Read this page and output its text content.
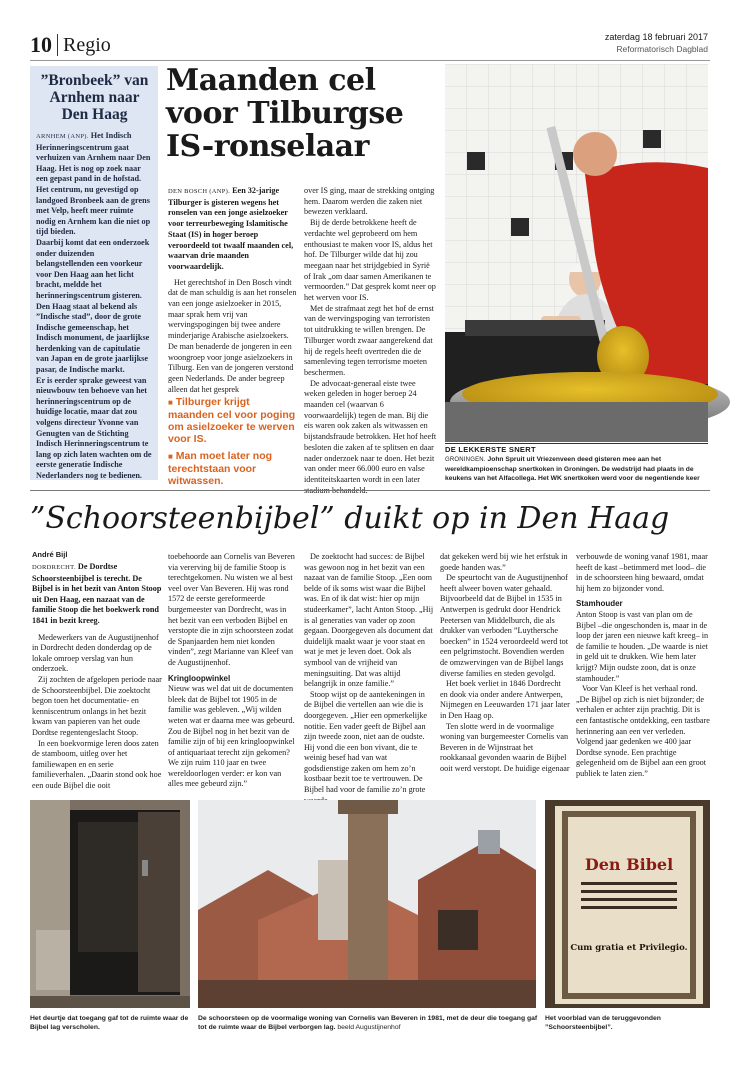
10 Regio	zaterdag 18 februari 2017
Reformatorisch Dagblad
”Bronbeek” van Arnhem naar Den Haag

ARNHEM (ANP). Het Indisch Herinneringscentrum gaat verhuizen van Arnhem naar Den Haag. Het is nog op zoek naar een gepast pand in de hofstad. Het centrum, nu gevestigd op landgoed Bronbeek aan de grens met Velp, heeft meer ruimte nodig en Arnhem kan die niet op tijd bieden.

Daarbij komt dat een onderzoek onder duizenden belangstellenden een voorkeur voor Den Haag aan het licht bracht, meldde het herinneringscentrum gisteren. Den Haag staat al bekend als ”Indische stad”, door de grote Indische gemeenschap, het Indisch monument, de jaarlijkse herdenking van de capitulatie van Japan en de grote jaarlijkse pasar, de Indische markt.

Er is eerder sprake geweest van nieuwbouw ten behoeve van het herinneringscentrum op de huidige locatie, maar dat zou volgens directeur Yvonne van Genugten van de Stichting Indisch Herinneringscentrum te lang op zich laten wachten om de eerste generatie Indische Nederlanders nog te bedienen.

Maanden cel voor Tilburgse IS-ronselaar

DEN BOSCH (ANP). Een 32-jarige Tilburger is gisteren wegens het ronselen van een jonge asielzoeker voor terreurbeweging Islamitische Staat (IS) in hoger beroep veroordeeld tot twaalf maanden cel, waarvan drie maanden voorwaardelijk.

Het gerechtshof in Den Bosch vindt dat de man schuldig is aan het ronselen van een jonge asielzoeker in 2015, maar sprak hem vrij van wervingspogingen bij twee andere minderjarige Arabische asielzoekers. De man benaderde de jongeren in een woongroep voor jonge asielzoekers in Tilburg. Een van de jongeren verstond geen Nederlands. De ander begreep alleen dat het gesprek

over IS ging, maar de strekking ontging hem. Daarom werden die zaken niet bewezen verklaard.

Bij de derde betrokkene heeft de verdachte wel geprobeerd om hem enthousiast te maken voor IS, aldus het hof. De Tilburger wilde dat hij zou meegaan naar het strijdgebied in Syrië of Irak „om daar samen Amerikanen te vermoorden.” Dat gesprek komt neer op het werven voor IS.

Met de strafmaat zegt het hof de ernst van de wervingspoging van terroristen tot uitdrukking te willen brengen. De Tilburger wordt zwaar aangerekend dat hij de regels heeft overtreden die de samenleving tegen terrorisme moeten beschermen.

De advocaat-generaal eiste twee weken geleden in hoger beroep 24 maanden cel (waarvan 6 voorwaardelijk) tegen de man. Bij die eis waren ook zaken als witwassen en bijstandsfraude betrokken. Het hof heeft besloten die zaken af te splitsen en daar nader onderzoek naar te doen. Het bezit van onder meer 66.000 euro en valse identiteitskaarten wordt in een later

■ Tilburger krijgt maanden cel voor poging om asielzoeker te werven voor IS.
■ Man moet later nog terechtstaan voor witwassen.
DE LEKKERSTE SNERT
GRONINGEN. John Spruit uit Vriezenveen deed gisteren mee aan het wereldkampioenschap snertkoken in Groningen. De wedstrijd had plaats in de keukens van het Alfacollega. Het WK snertkoken werd voor de negentiende keer
”Schoorsteenbijbel” duikt op in Den Haag
André Bijl

DORDRECHT. De Dordtse Schoorsteenbijbel is terecht. De Bijbel is in het bezit van Anton Stoop uit Den Haag, een nazaat van de familie Stoop die het boekwerk rond 1841 in bezit kreeg.

Medewerkers van de Augustijnenhof in Dordrecht deden donderdag op de lokale omroep verslag van hun onderzoek.

Zij zochten de afgelopen periode naar de Schoorsteenbijbel. Die zoektocht begon toen het documentatie- en kenniscentrum onlangs in het bezit kwam van papieren van het oude Dordtse regentengeslacht Stoop.

In een boekvormige leren doos zaten de stamboom, uitleg over het familiewapen en en serie familieverhalen. „Daarin stond ook hoe een oude Bijbel die ooit

toebehoorde aan Cornelis van Beveren via vererving bij de familie Stoop is terechtgekomen. Nu wisten we al best veel over Van Beveren. Hij was rond 1572 de eerste gereformeerde burgemeester van Dordrecht, was in het bezit van een verboden Bijbel en verstopte die in zijn schoorsteen zodat de Spanjaarden hem niet konden vinden”, zegt Marianne van Kleef van de Augustijnenhof.

Kringloopwinkel

Nieuw was wel dat uit de documenten bleek dat de Bijbel tot 1905 in de familie was gebleven. „Wij wilden weten wat er daarna mee was gebeurd. Zou de Bijbel nog in het bezit van de familie zijn of bij een kringloopwinkel of antiquariaat terecht zijn gekomen? We zijn ruim 110 jaar en twee wereldoorlogen verder: er kon van alles mee gebeurd zijn.”

De zoektocht had succes: de Bijbel was gewoon nog in het bezit van een nazaat van de familie Stoop. „Een oom belde of ik soms wist waar die Bijbel was. En of ik dat wist: hier op mijn studeerkamer”, lacht Anton Stoop. „Hij is al generaties van vader op zoon gegaan. Doorgegeven als document dat duidelijk maakt waar je voor staat en wat je met je leven doet. Ook als symbool van de vrijheid van meningsuiting. Dat was altijd belangrijk in onze familie.”

Stoop wijst op de aantekeningen in de Bijbel die vertellen aan wie die is doorgegeven. „Hier een opmerkelijke notitie. Een vader geeft de Bijbel aan zijn tweede zoon, niet aan de oudste. Hij vond die een bon vivant, die te weinig besef had van wat godsdienstige zaken om hem zo’n kostbaar bezit toe te vertrouwen. De Bijbel had voor de familie zo’n grote

dat gekeken werd bij wie het erfstuk in goede handen was.”

De speurtocht van de Augustijnenhof heeft alweer boven water gehaald. Bijvoorbeeld dat de Bijbel in 1535 in Antwerpen is gedrukt door Hendrick Peetersen van Middelburch, die als drukker van verboden ”Luythersche boecken” in 1524 veroordeeld werd tot een pelgrimstocht. Bovendien werden de omzwervingen van de Bijbel langs diverse families en steden gevolgd.

Het boek verliet in 1846 Dordrecht en dook via onder andere Antwerpen, Nijmegen en Leeuwarden 171 jaar later in Den Haag op.

Ten slotte werd in de voormalige woning van burgemeester Cornelis van Beveren in de Wijnstraat het rookkanaal gevonden waarin de Bijbel ooit werd verstopt. De huidige eigenaar

verbouwde de woning vanaf 1981, maar heeft de kast –betimmerd met lood– die in de schoorsteen hing bewaard, omdat hij hem zo bijzonder vond.

Stamhouder

Anton Stoop is vast van plan om de Bijbel –die ongeschonden is, maar in de loop der jaren een nieuwe kaft kreeg– in de familie te houden. „De waarde is niet in geld uit te drukken. Wie hem later krijgt? Mijn oudste zoon, dat is onze stamhouder.”

Voor Van Kleef is het verhaal rond. „De Bijbel op zich is niet bijzonder; de verhalen er achter zijn prachtig. Dit is een fantastische ontdekking, een tastbare herinnering aan een ver verleden. Volgend jaar gedenken we 400 jaar Dordtse synode. Een prachtige gelegenheid om de Bijbel aan een groot publiek te laten zien.”

Den Bibel
Cum gratia et Privilegio.
Het deurtje dat toegang gaf tot de ruimte waar de Bijbel lag verscholen.
De schoorsteen op de voormalige woning van Cornelis van Beveren in 1981, met de deur die toegang gaf tot de ruimte waar de Bijbel verborgen lag. beeld Augustijnenhof
Het voorblad van de teruggevonden ”Schoorsteenbijbel”.
